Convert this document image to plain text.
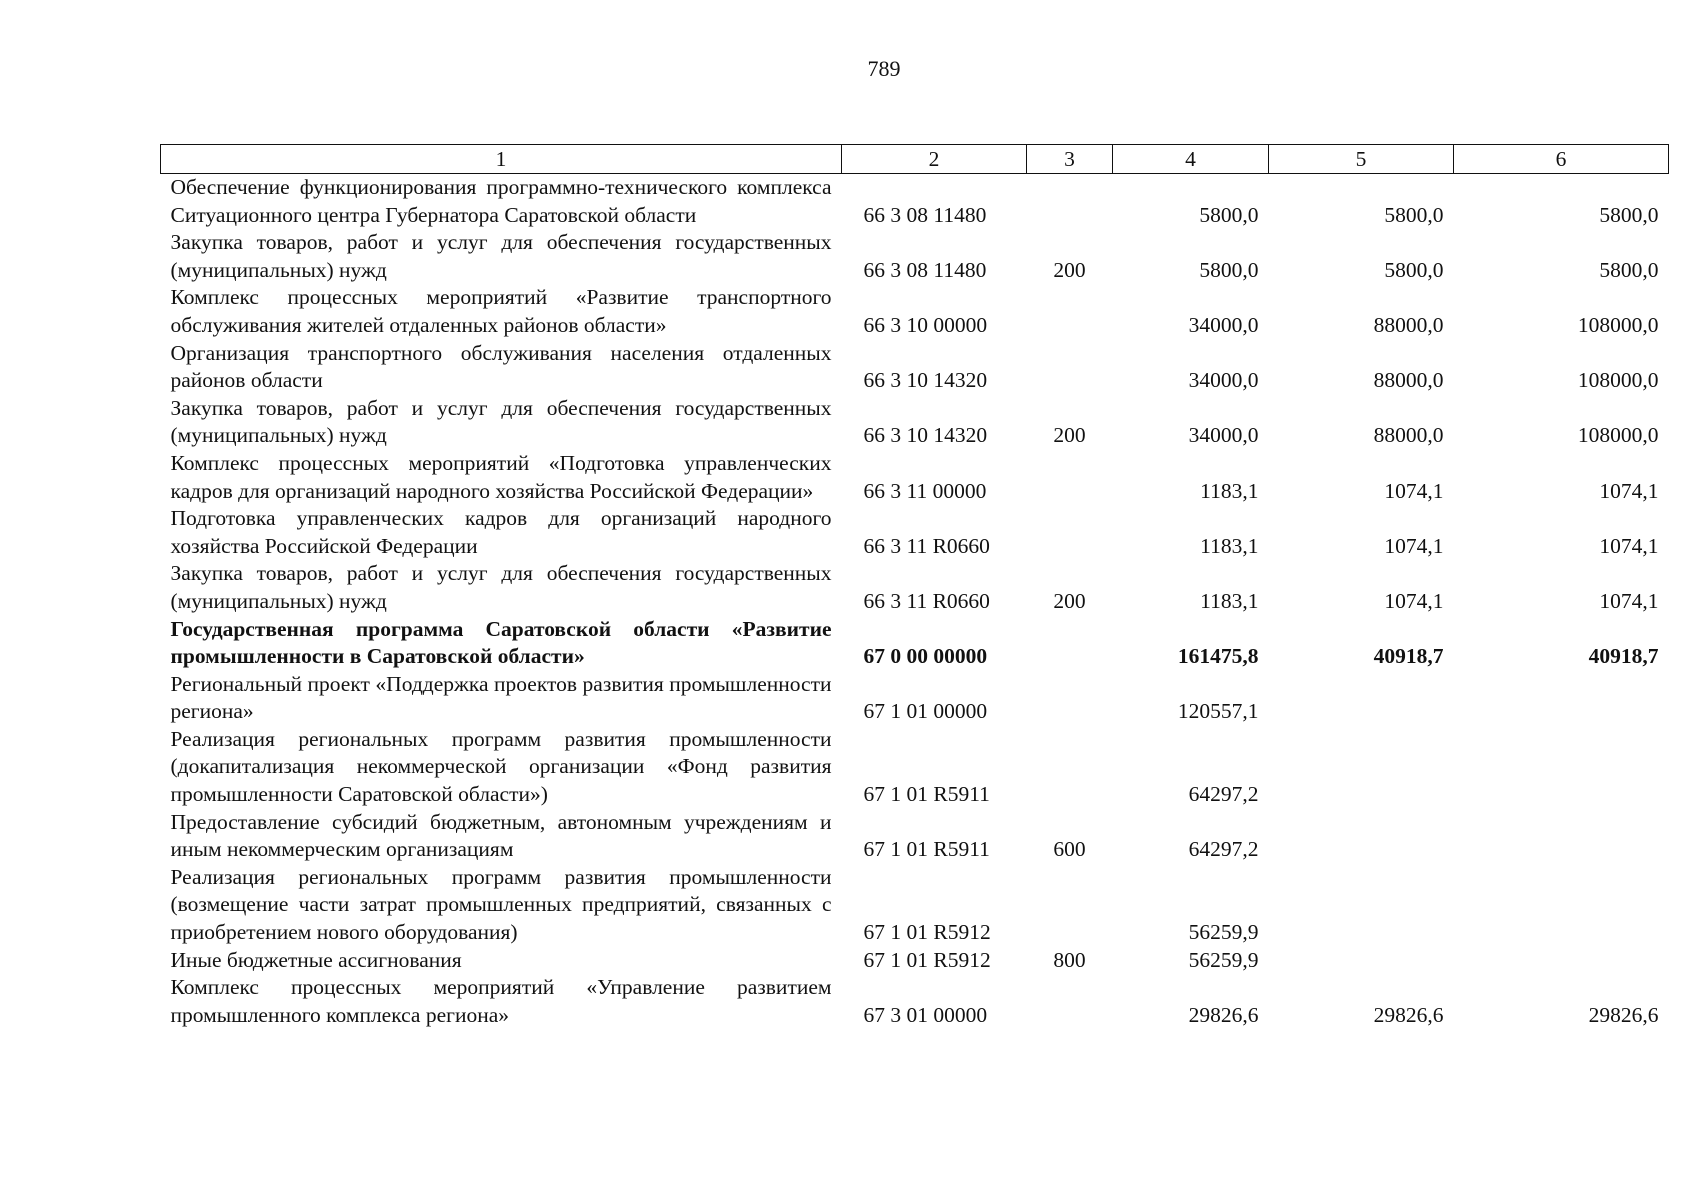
789
1	2	3	4	5	6
Обеспечение функционирования программно-технического комплекса Ситуационного центра Губернатора Саратовской области	66 3 08 11480		5800,0	5800,0	5800,0
Закупка товаров, работ и услуг для обеспечения государственных (муниципальных) нужд	66 3 08 11480	200	5800,0	5800,0	5800,0
Комплекс процессных мероприятий «Развитие транспортного обслуживания жителей отдаленных районов области»	66 3 10 00000		34000,0	88000,0	108000,0
Организация транспортного обслуживания населения отдаленных районов области	66 3 10 14320		34000,0	88000,0	108000,0
Закупка товаров, работ и услуг для обеспечения государственных (муниципальных) нужд	66 3 10 14320	200	34000,0	88000,0	108000,0
Комплекс процессных мероприятий «Подготовка управленческих кадров для организаций народного хозяйства Российской Федерации»	66 3 11 00000		1183,1	1074,1	1074,1
Подготовка управленческих кадров для организаций народного хозяйства Российской Федерации	66 3 11 R0660		1183,1	1074,1	1074,1
Закупка товаров, работ и услуг для обеспечения государственных (муниципальных) нужд	66 3 11 R0660	200	1183,1	1074,1	1074,1
Государственная программа Саратовской области «Развитие промышленности в Саратовской области»	67 0 00 00000		161475,8	40918,7	40918,7
Региональный проект «Поддержка проектов развития промышленности региона»	67 1 01 00000		120557,1		
Реализация региональных программ развития промышленности (докапитализация некоммерческой организации «Фонд развития промышленности Саратовской области»)	67 1 01 R5911		64297,2		
Предоставление субсидий бюджетным, автономным учреждениям и иным некоммерческим организациям	67 1 01 R5911	600	64297,2		
Реализация региональных программ развития промышленности (возмещение части затрат промышленных предприятий, связанных с приобретением нового оборудования)	67 1 01 R5912		56259,9		
Иные бюджетные ассигнования	67 1 01 R5912	800	56259,9		
Комплекс процессных мероприятий «Управление развитием промышленного комплекса региона»	67 3 01 00000		29826,6	29826,6	29826,6
